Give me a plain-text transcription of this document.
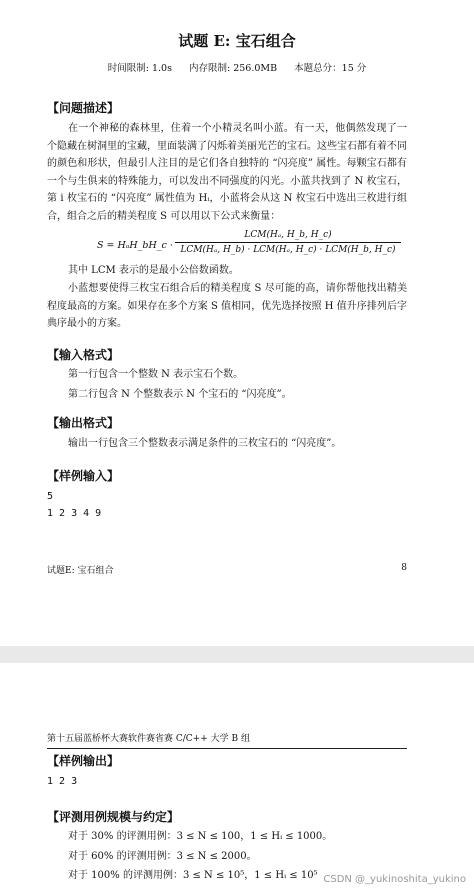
试题 E: 宝石组合
时间限制: 1.0s 内存限制: 256.0MB 本题总分：15 分
【问题描述】
在一个神秘的森林里，住着一个小精灵名叫小蓝。有一天，他偶然发现了一个隐藏在树洞里的宝藏，里面装满了闪烁着美丽光芒的宝石。这些宝石都有着不同的颜色和形状，但最引人注目的是它们各自独特的 “闪亮度” 属性。每颗宝石都有一个与生俱来的特殊能力，可以发出不同强度的闪光。小蓝共找到了 N 枚宝石，第 i 枚宝石的 “闪亮度” 属性值为 Hᵢ，小蓝将会从这 N 枚宝石中选出三枚进行组合，组合之后的精美程度 S 可以用以下公式来衡量：
S = HₐH_bH_c ·
LCM(Hₐ, H_b, H_c)
LCM(Hₐ, H_b) · LCM(Hₐ, H_c) · LCM(H_b, H_c)
其中 LCM 表示的是最小公倍数函数。
小蓝想要使得三枚宝石组合后的精美程度 S 尽可能的高，请你帮他找出精美程度最高的方案。如果存在多个方案 S 值相同，优先选择按照 H 值升序排列后字典序最小的方案。
【输入格式】
第一行包含一个整数 N 表示宝石个数。
第二行包含 N 个整数表示 N 个宝石的 “闪亮度”。
【输出格式】
输出一行包含三个整数表示满足条件的三枚宝石的 “闪亮度”。
【样例输入】
5
1 2 3 4 9
试题E: 宝石组合	8
第十五届蓝桥杯大赛软件赛省赛 C/C++ 大学 B 组
【样例输出】
1 2 3
【评测用例规模与约定】
对于 30% 的评测用例：3 ≤ N ≤ 100，1 ≤ Hᵢ ≤ 1000。
对于 60% 的评测用例：3 ≤ N ≤ 2000。
对于 100% 的评测用例：3 ≤ N ≤ 10⁵，1 ≤ Hᵢ ≤ 10⁵ CSDN @_yukinoshita_yukino
